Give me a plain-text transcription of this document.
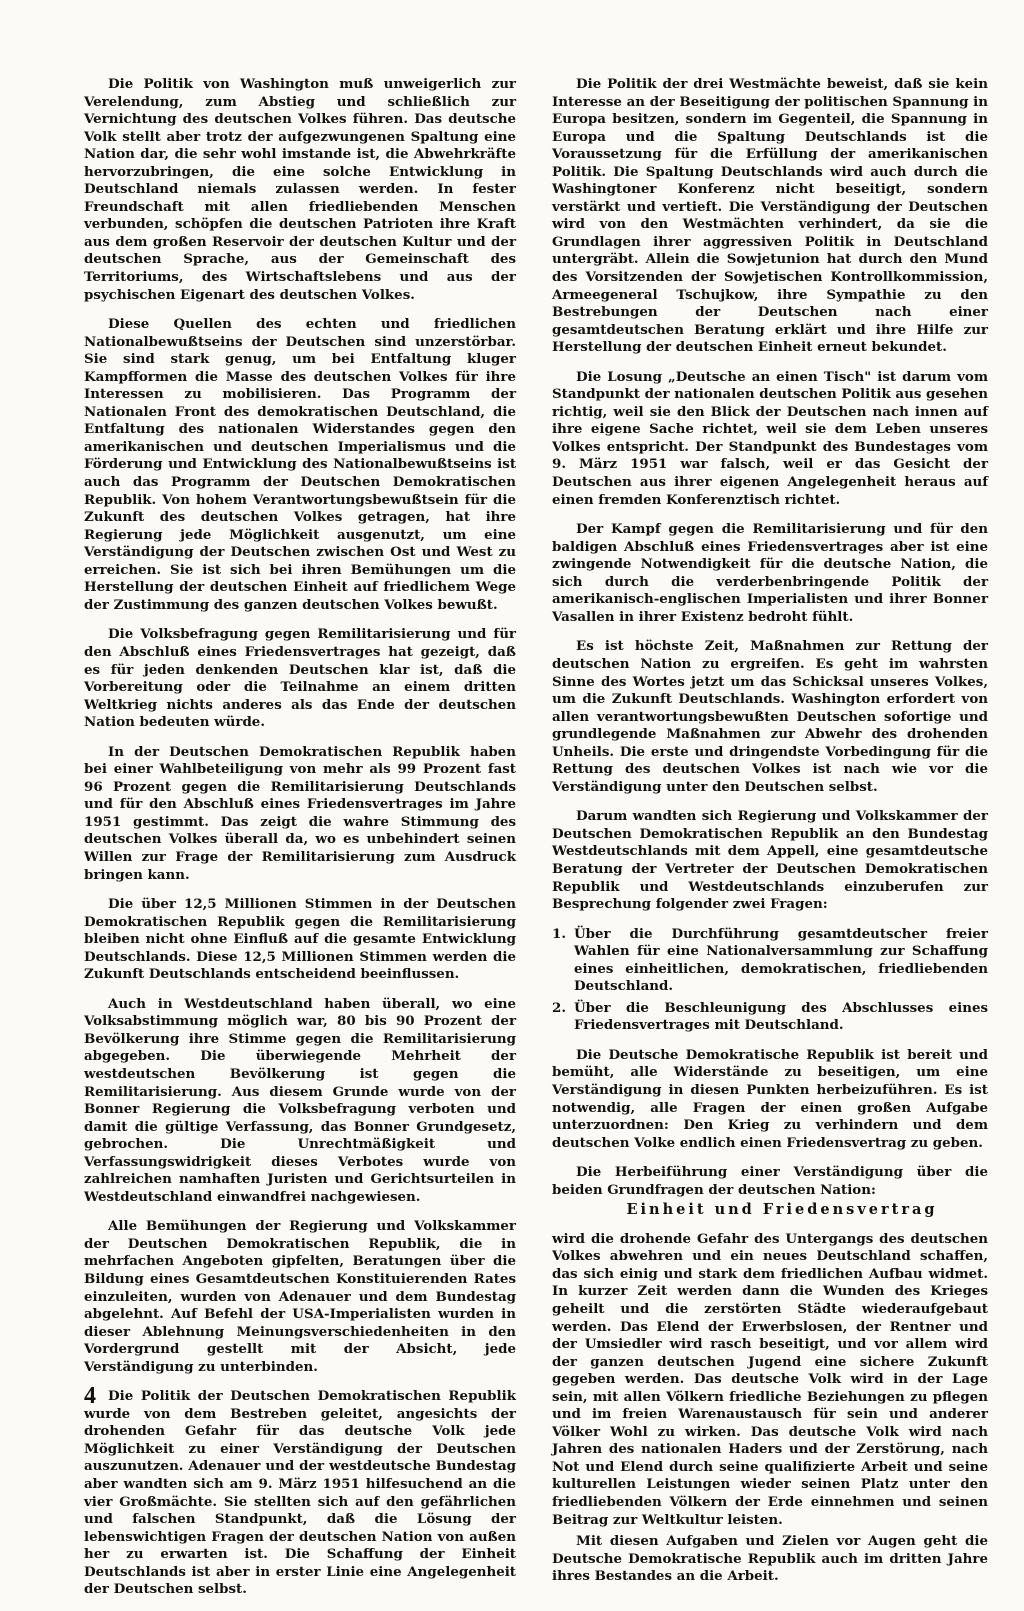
Die Politik von Washington muß unweigerlich zur Verelendung, zum Abstieg und schließlich zur Vernichtung des deutschen Volkes führen. Das deutsche Volk stellt aber trotz der aufgezwungenen Spaltung eine Nation dar, die sehr wohl imstande ist, die Abwehrkräfte hervorzubringen, die eine solche Entwicklung in Deutschland niemals zulassen werden. In fester Freundschaft mit allen friedliebenden Menschen verbunden, schöpfen die deutschen Patrioten ihre Kraft aus dem großen Reservoir der deutschen Kultur und der deutschen Sprache, aus der Gemeinschaft des Territoriums, des Wirtschaftslebens und aus der psychischen Eigenart des deutschen Volkes.

Diese Quellen des echten und friedlichen Nationalbewußtseins der Deutschen sind unzerstörbar. Sie sind stark genug, um bei Entfaltung kluger Kampfformen die Masse des deutschen Volkes für ihre Interessen zu mobilisieren. Das Programm der Nationalen Front des demokratischen Deutschland, die Entfaltung des nationalen Widerstandes gegen den amerikanischen und deutschen Imperialismus und die Förderung und Entwicklung des Nationalbewußtseins ist auch das Programm der Deutschen Demokratischen Republik. Von hohem Verantwortungsbewußtsein für die Zukunft des deutschen Volkes getragen, hat ihre Regierung jede Möglichkeit ausgenutzt, um eine Verständigung der Deutschen zwischen Ost und West zu erreichen. Sie ist sich bei ihren Bemühungen um die Herstellung der deutschen Einheit auf friedlichem Wege der Zustimmung des ganzen deutschen Volkes bewußt.

Die Volksbefragung gegen Remilitarisierung und für den Abschluß eines Friedensvertrages hat gezeigt, daß es für jeden denkenden Deutschen klar ist, daß die Vorbereitung oder die Teilnahme an einem dritten Weltkrieg nichts anderes als das Ende der deutschen Nation bedeuten würde.

In der Deutschen Demokratischen Republik haben bei einer Wahlbeteiligung von mehr als 99 Prozent fast 96 Prozent gegen die Remilitarisierung Deutschlands und für den Abschluß eines Friedensvertrages im Jahre 1951 gestimmt. Das zeigt die wahre Stimmung des deutschen Volkes überall da, wo es unbehindert seinen Willen zur Frage der Remilitarisierung zum Ausdruck bringen kann.

Die über 12,5 Millionen Stimmen in der Deutschen Demokratischen Republik gegen die Remilitarisierung bleiben nicht ohne Einfluß auf die gesamte Entwicklung Deutschlands. Diese 12,5 Millionen Stimmen werden die Zukunft Deutschlands entscheidend beeinflussen.

Auch in Westdeutschland haben überall, wo eine Volksabstimmung möglich war, 80 bis 90 Prozent der Bevölkerung ihre Stimme gegen die Remilitarisierung abgegeben. Die überwiegende Mehrheit der westdeutschen Bevölkerung ist gegen die Remilitarisierung. Aus diesem Grunde wurde von der Bonner Regierung die Volksbefragung verboten und damit die gültige Verfassung, das Bonner Grundgesetz, gebrochen. Die Unrechtmäßigkeit und Verfassungswidrigkeit dieses Verbotes wurde von zahlreichen namhaften Juristen und Gerichtsurteilen in Westdeutschland einwandfrei nachgewiesen.

Alle Bemühungen der Regierung und Volkskammer der Deutschen Demokratischen Republik, die in mehrfachen Angeboten gipfelten, Beratungen über die Bildung eines Gesamtdeutschen Konstituierenden Rates einzuleiten, wurden von Adenauer und dem Bundestag abgelehnt. Auf Befehl der USA-Imperialisten wurden in dieser Ablehnung Meinungsverschiedenheiten in den Vordergrund gestellt mit der Absicht, jede Verständigung zu unterbinden.

Die Politik der Deutschen Demokratischen Republik wurde von dem Bestreben geleitet, angesichts der drohenden Gefahr für das deutsche Volk jede Möglichkeit zu einer Verständigung der Deutschen auszunutzen. Adenauer und der westdeutsche Bundestag aber wandten sich am 9. März 1951 hilfesuchend an die vier Großmächte. Sie stellten sich auf den gefährlichen und falschen Standpunkt, daß die Lösung der lebenswichtigen Fragen der deutschen Nation von außen her zu erwarten ist. Die Schaffung der Einheit Deutschlands ist aber in erster Linie eine Angelegenheit der Deutschen selbst.

Die Politik der drei Westmächte beweist, daß sie kein Interesse an der Beseitigung der politischen Spannung in Europa besitzen, sondern im Gegenteil, die Spannung in Europa und die Spaltung Deutschlands ist die Voraussetzung für die Erfüllung der amerikanischen Politik. Die Spaltung Deutschlands wird auch durch die Washingtoner Konferenz nicht beseitigt, sondern verstärkt und vertieft. Die Verständigung der Deutschen wird von den Westmächten verhindert, da sie die Grundlagen ihrer aggressiven Politik in Deutschland untergräbt. Allein die Sowjetunion hat durch den Mund des Vorsitzenden der Sowjetischen Kontrollkommission, Armeegeneral Tschujkow, ihre Sympathie zu den Bestrebungen der Deutschen nach einer gesamtdeutschen Beratung erklärt und ihre Hilfe zur Herstellung der deutschen Einheit erneut bekundet.

Die Losung „Deutsche an einen Tisch" ist darum vom Standpunkt der nationalen deutschen Politik aus gesehen richtig, weil sie den Blick der Deutschen nach innen auf ihre eigene Sache richtet, weil sie dem Leben unseres Volkes entspricht. Der Standpunkt des Bundestages vom 9. März 1951 war falsch, weil er das Gesicht der Deutschen aus ihrer eigenen Angelegenheit heraus auf einen fremden Konferenztisch richtet.

Der Kampf gegen die Remilitarisierung und für den baldigen Abschluß eines Friedensvertrages aber ist eine zwingende Notwendigkeit für die deutsche Nation, die sich durch die verderbenbringende Politik der amerikanisch-englischen Imperialisten und ihrer Bonner Vasallen in ihrer Existenz bedroht fühlt.

Es ist höchste Zeit, Maßnahmen zur Rettung der deutschen Nation zu ergreifen. Es geht im wahrsten Sinne des Wortes jetzt um das Schicksal unseres Volkes, um die Zukunft Deutschlands. Washington erfordert von allen verantwortungsbewußten Deutschen sofortige und grundlegende Maßnahmen zur Abwehr des drohenden Unheils. Die erste und dringendste Vorbedingung für die Rettung des deutschen Volkes ist nach wie vor die Verständigung unter den Deutschen selbst.

Darum wandten sich Regierung und Volkskammer der Deutschen Demokratischen Republik an den Bundestag Westdeutschlands mit dem Appell, eine gesamtdeutsche Beratung der Vertreter der Deutschen Demokratischen Republik und Westdeutschlands einzuberufen zur Besprechung folgender zwei Fragen:

1. Über die Durchführung gesamtdeutscher freier Wahlen für eine Nationalversammlung zur Schaffung eines einheitlichen, demokratischen, friedliebenden Deutschland.
2. Über die Beschleunigung des Abschlusses eines Friedensvertrages mit Deutschland.

Die Deutsche Demokratische Republik ist bereit und bemüht, alle Widerstände zu beseitigen, um eine Verständigung in diesen Punkten herbeizuführen. Es ist notwendig, alle Fragen der einen großen Aufgabe unterzuordnen: Den Krieg zu verhindern und dem deutschen Volke endlich einen Friedensvertrag zu geben.

Die Herbeiführung einer Verständigung über die beiden Grundfragen der deutschen Nation:

Einheit und Friedensvertrag

wird die drohende Gefahr des Untergangs des deutschen Volkes abwehren und ein neues Deutschland schaffen, das sich einig und stark dem friedlichen Aufbau widmet. In kurzer Zeit werden dann die Wunden des Krieges geheilt und die zerstörten Städte wiederaufgebaut werden. Das Elend der Erwerbslosen, der Rentner und der Umsiedler wird rasch beseitigt, und vor allem wird der ganzen deutschen Jugend eine sichere Zukunft gegeben werden. Das deutsche Volk wird in der Lage sein, mit allen Völkern friedliche Beziehungen zu pflegen und im freien Warenaustausch für sein und anderer Völker Wohl zu wirken. Das deutsche Volk wird nach Jahren des nationalen Haders und der Zerstörung, nach Not und Elend durch seine qualifizierte Arbeit und seine kulturellen Leistungen wieder seinen Platz unter den friedliebenden Völkern der Erde einnehmen und seinen Beitrag zur Weltkultur leisten.

Mit diesen Aufgaben und Zielen vor Augen geht die Deutsche Demokratische Republik auch im dritten Jahre ihres Bestandes an die Arbeit.

4
